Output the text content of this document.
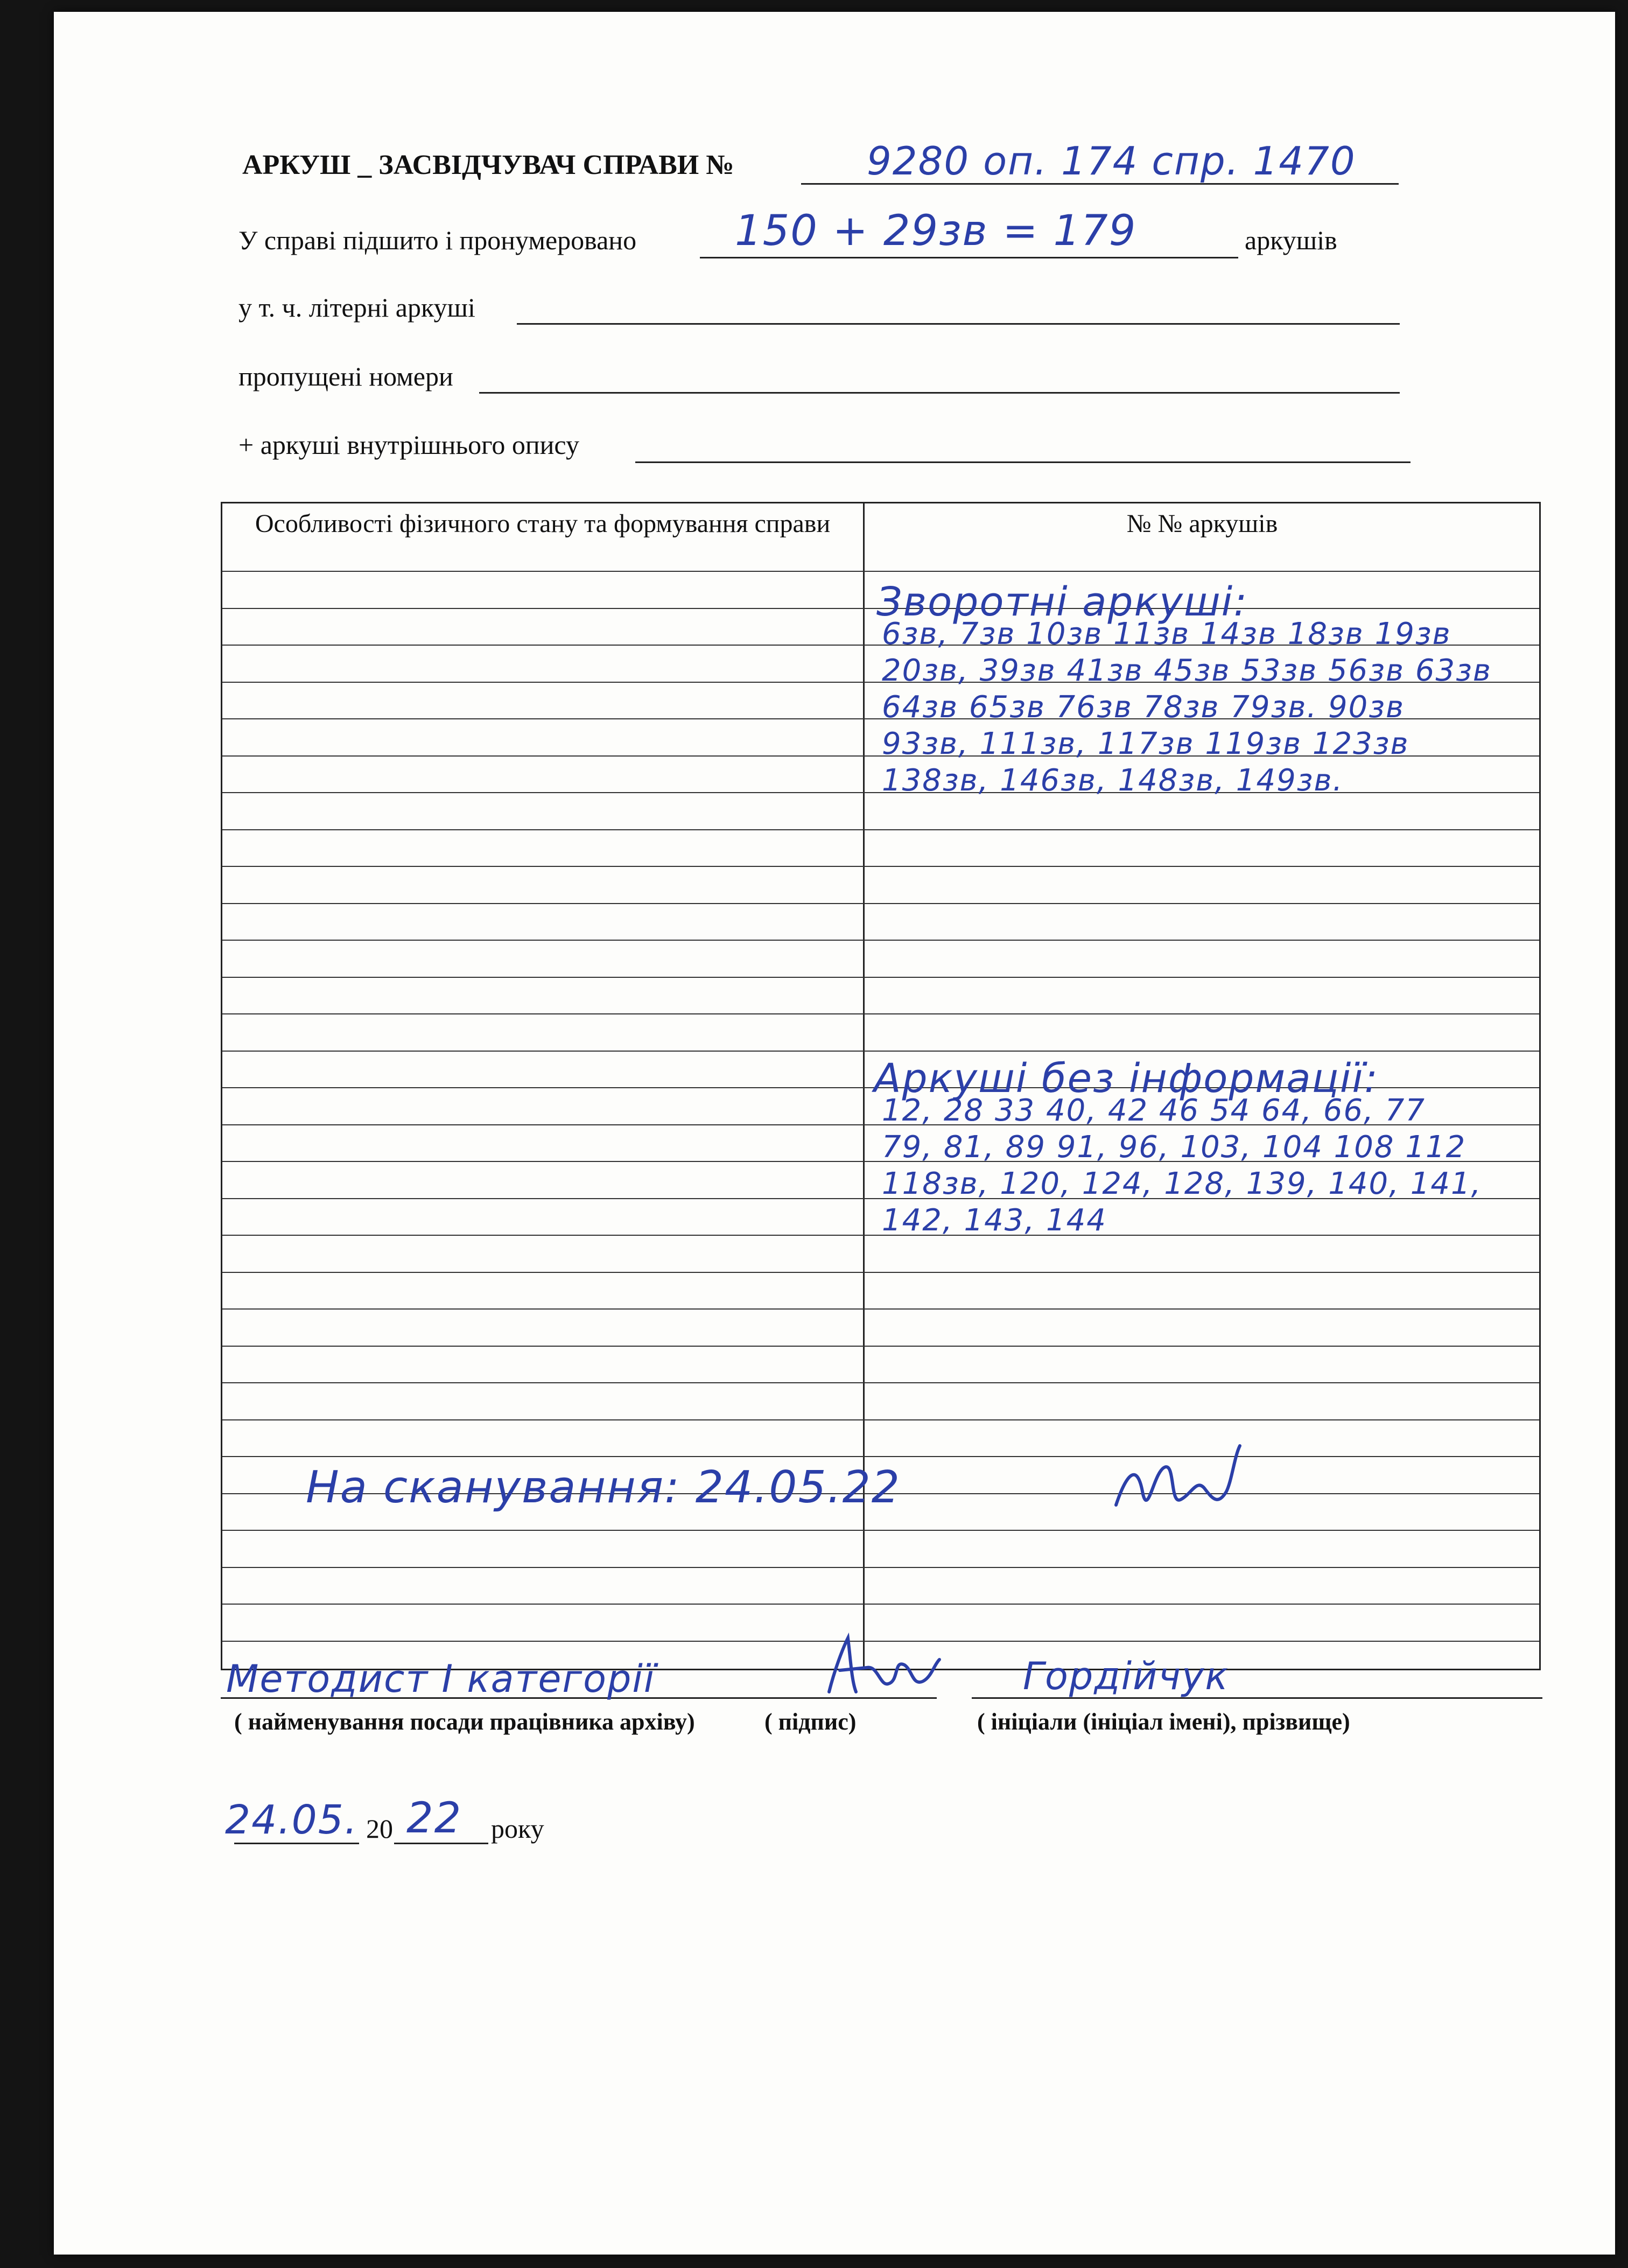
АРКУШ _ ЗАСВІДЧУВАЧ СПРАВИ №	9280 оп. 174 спр. 1470
У справі підшито і пронумеровано 150 + 29зв = 179	аркушів
у т. ч. літерні аркуші
пропущені номери
+ аркуші внутрішнього опису
Особливості фізичного стану та формування справи	№ № аркушів
Зворотні аркуші:
6зв, 7зв 10зв 11зв 14зв 18зв 19зв
20зв, 39зв 41зв 45зв 53зв 56зв 63зв
64зв 65зв 76зв 78зв 79зв. 90зв
93зв, 111зв, 117зв 119зв 123зв
138зв, 146зв, 148зв, 149зв.
Аркуші без інформації:
12, 28 33 40, 42 46 54 64, 66, 77
79, 81, 89 91, 96, 103, 104 108 112
118зв, 120, 124, 128, 139, 140, 141,
142, 143, 144
На сканування: 24.05.22
Методист І категорії
( найменування посади працівника архіву)	( підпис)
Гордійчук
( ініціали (ініціал імені), прізвище)
24.05. 20 22 року
